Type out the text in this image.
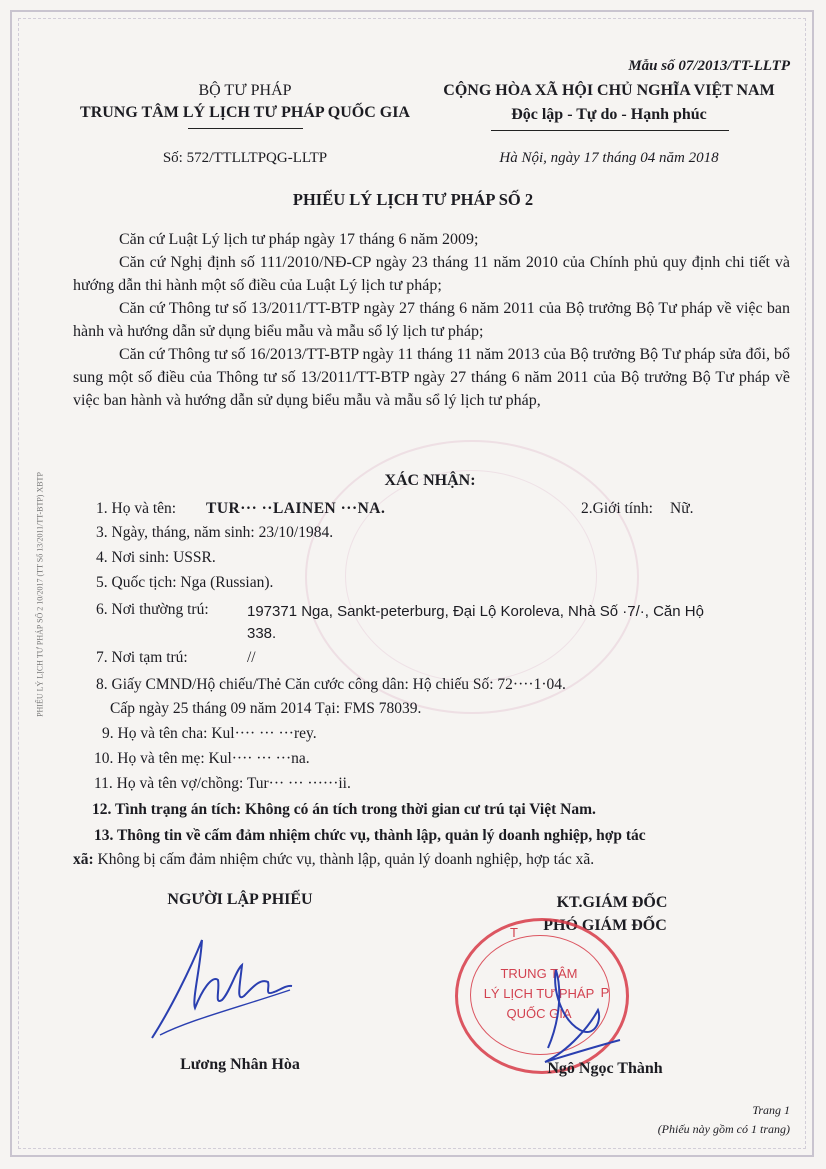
PHIẾU LÝ LỊCH TƯ PHÁP SỐ 2 10/2017 (TT Số 13/2011/TT-BTP) XBTP
Mẫu số 07/2013/TT-LLTP
BỘ TƯ PHÁP
TRUNG TÂM LÝ LỊCH TƯ PHÁP QUỐC GIA
Số: 572/TTLLTPQG-LLTP
CỘNG HÒA XÃ HỘI CHỦ NGHĨA VIỆT NAM
Độc lập - Tự do - Hạnh phúc
Hà Nội, ngày 17 tháng 04 năm 2018
PHIẾU LÝ LỊCH TƯ PHÁP SỐ 2

Căn cứ Luật Lý lịch tư pháp ngày 17 tháng 6 năm 2009;

Căn cứ Nghị định số 111/2010/NĐ-CP ngày 23 tháng 11 năm 2010 của Chính phủ quy định chi tiết và hướng dẫn thi hành một số điều của Luật Lý lịch tư pháp;

Căn cứ Thông tư số 13/2011/TT-BTP ngày 27 tháng 6 năm 2011 của Bộ trưởng Bộ Tư pháp về việc ban hành và hướng dẫn sử dụng biểu mẫu và mẫu sổ lý lịch tư pháp;

Căn cứ Thông tư số 16/2013/TT-BTP ngày 11 tháng 11 năm 2013 của Bộ trưởng Bộ Tư pháp sửa đổi, bổ sung một số điều của Thông tư số 13/2011/TT-BTP ngày 27 tháng 6 năm 2011 của Bộ trưởng Bộ Tư pháp về việc ban hành và hướng dẫn sử dụng biểu mẫu và mẫu sổ lý lịch tư pháp,

XÁC NHẬN:
1. Họ và tên: TUR··· ··LAINEN ···NA.	2.Giới tính: Nữ.
3. Ngày, tháng, năm sinh: 23/10/1984.
4. Nơi sinh: USSR.
5. Quốc tịch: Nga (Russian).
6. Nơi thường trú:	197371 Nga, Sankt-peterburg, Đại Lộ Koroleva, Nhà Số ·7/·, Căn Hộ
338.
7. Nơi tạm trú:	//
8. Giấy CMND/Hộ chiếu/Thẻ Căn cước công dân: Hộ chiếu Số: 72····1·04.
Cấp ngày 25 tháng 09 năm 2014 Tại: FMS 78039.
9. Họ và tên cha: Kul···· ··· ···rey.
10. Họ và tên mẹ: Kul···· ··· ···na.
11. Họ và tên vợ/chồng: Tur··· ··· ······ii.
12. Tình trạng án tích: Không có án tích trong thời gian cư trú tại Việt Nam.
13. Thông tin về cấm đảm nhiệm chức vụ, thành lập, quản lý doanh nghiệp, hợp tác
xã: Không bị cấm đảm nhiệm chức vụ, thành lập, quản lý doanh nghiệp, hợp tác xã.
NGƯỜI LẬP PHIẾU	KT.GIÁM ĐỐC
PHÓ GIÁM ĐỐC
TRUNG TÂM
LÝ LỊCH TƯ PHÁP
QUỐC GIA
T
P
Lương Nhân Hòa	Ngô Ngọc Thành
Trang 1
(Phiếu này gồm có 1 trang)
